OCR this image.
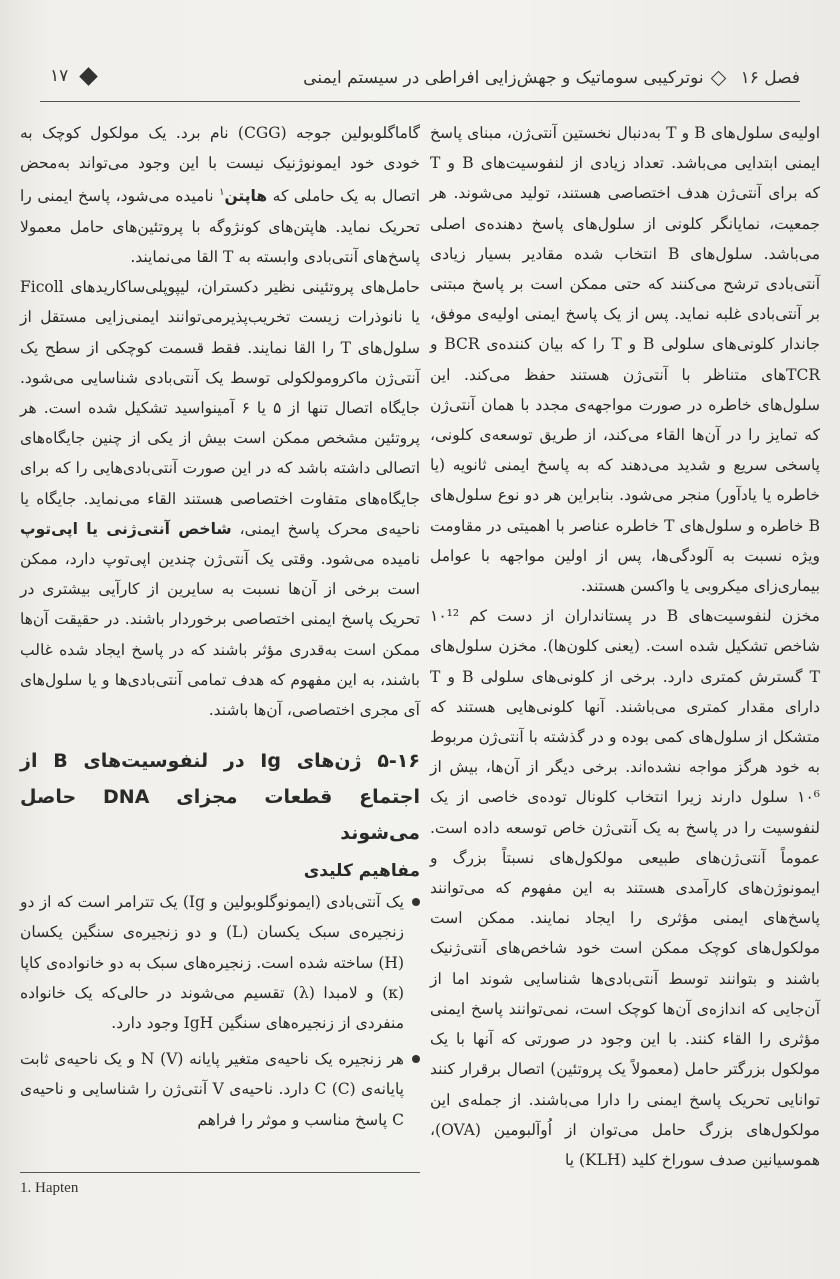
فصل ۱۶
نوترکیبی سوماتیک و جهش‌زایی افراطی در سیستم ایمنی
۱۷

اولیه‌ی سلول‌های B و T به‌دنبال نخستین آنتی‌ژن، مبنای پاسخ ایمنی ابتدایی می‌باشد. تعداد زیادی از لنفوسیت‌های B و T که برای آنتی‌ژن هدف اختصاصی هستند، تولید می‌شوند. هر جمعیت، نمایانگر کلونی از سلول‌های پاسخ دهنده‌ی اصلی می‌باشد. سلول‌های B انتخاب شده مقادیر بسیار زیادی آنتی‌بادی ترشح می‌کنند که حتی ممکن است بر پاسخ مبتنی بر آنتی‌بادی غلبه نماید. پس از یک پاسخ ایمنی اولیه‌ی موفق، جاندار کلونی‌های سلولی B و T را که بیان کننده‌ی BCR و TCRهای متناظر با آنتی‌ژن هستند حفظ می‌کند. این سلول‌های خاطره در صورت مواجهه‌ی مجدد با همان آنتی‌ژن که تمایز را در آن‌ها القاء می‌کند، از طریق توسعه‌ی کلونی، پاسخی سریع و شدید می‌دهند که به پاسخ ایمنی ثانویه (یا خاطره یا یادآور) منجر می‌شود. بنابراین هر دو نوع سلول‌های B خاطره و سلول‌های T خاطره عناصر با اهمیتی در مقاومت ویژه نسبت به آلودگی‌ها، پس از اولین مواجهه با عوامل بیماری‌زای میکروبی یا واکسن هستند.

مخزن لنفوسیت‌های B در پستانداران از دست کم ۱۰¹² شاخص تشکیل شده است. (یعنی کلون‌ها). مخزن سلول‌های T گسترش کمتری دارد. برخی از کلونی‌های سلولی B و T دارای مقدار کمتری می‌باشند. آنها کلونی‌هایی هستند که متشکل از سلول‌های کمی بوده و در گذشته با آنتی‌ژن مربوط به خود هرگز مواجه نشده‌اند. برخی دیگر از آن‌ها، بیش از ۱۰⁶ سلول دارند زیرا انتخاب کلونال توده‌ی خاصی از یک لنفوسیت را در پاسخ به یک آنتی‌ژن خاص توسعه داده است. عموماً آنتی‌ژن‌های طبیعی مولکول‌های نسبتاً بزرگ و ایمونوژن‌های کارآمدی هستند به این مفهوم که می‌توانند پاسخ‌های ایمنی مؤثری را ایجاد نمایند. ممکن است مولکول‌های کوچک ممکن است خود شاخص‌های آنتی‌ژنیک باشند و بتوانند توسط آنتی‌بادی‌ها شناسایی شوند اما از آن‌جایی که اندازه‌ی آن‌ها کوچک است، نمی‌توانند پاسخ ایمنی مؤثری را القاء کنند. با این وجود در صورتی که آنها با یک مولکول بزرگتر حامل (معمولاً یک پروتئین) اتصال برقرار کنند توانایی تحریک پاسخ ایمنی را دارا می‌باشند. از جمله‌ی این مولکول‌های بزرگ حامل می‌توان از اُوآلبومین (OVA)، هموسیانین صدف سوراخ کلید (KLH) یا

گاماگلوبولین جوجه (CGG) نام برد. یک مولکول کوچک به خودی خود ایمونوژنیک نیست با این وجود می‌تواند به‌محض اتصال به یک حاملی که هاپتن$^۱$ نامیده می‌شود، پاسخ ایمنی را تحریک نماید. هاپتن‌های کونژوگه با پروتئین‌های حامل معمولا پاسخ‌های آنتی‌بادی وابسته به T القا می‌نمایند.

حامل‌های پروتئینی نظیر دکستران، لیپوپلی‌ساکاریدهای Ficoll یا نانوذرات زیست تخریب‌پذیرمی‌توانند ایمنی‌زایی مستقل از سلول‌های T را القا نمایند. فقط قسمت کوچکی از سطح یک آنتی‌ژن ماکرومولکولی توسط یک آنتی‌بادی شناسایی می‌شود. جایگاه اتصال تنها از ۵ یا ۶ آمینواسید تشکیل شده است. هر پروتئین مشخص ممکن است بیش از یکی از چنین جایگاه‌های اتصالی داشته باشد که در این صورت آنتی‌بادی‌هایی را که برای جایگاه‌های متفاوت اختصاصی هستند القاء می‌نماید. جایگاه یا ناحیه‌ی محرک پاسخ ایمنی، شاخص آنتی‌ژنی یا اپی‌توپ نامیده می‌شود. وقتی یک آنتی‌ژن چندین اپی‌توپ دارد، ممکن است برخی از آن‌ها نسبت به سایرین از کارآیی بیشتری در تحریک پاسخ ایمنی اختصاصی برخوردار باشند. در حقیقت آن‌ها ممکن است به‌قدری مؤثر باشند که در پاسخ ایجاد شده غالب باشند، به این مفهوم که هدف تمامی آنتی‌بادی‌ها و یا سلول‌های آی مجری اختصاصی، آن‌ها باشند.

۵-۱۶ ژن‌های Ig در لنفوسیت‌های B از اجتماع قطعات مجزای DNA حاصل می‌شوند
مفاهیم کلیدی
یک آنتی‌بادی (ایمونوگلوبولین و Ig) یک تترامر است که از دو زنجیره‌ی سبک یکسان (L) و دو زنجیره‌ی سنگین یکسان (H) ساخته شده است. زنجیره‌های سبک به دو خانواده‌ی کاپا (κ) و لامبدا (λ) تقسیم می‌شوند در حالی‌که یک خانواده منفردی از زنجیره‌های سنگین IgH وجود دارد.
هر زنجیره یک ناحیه‌ی متغیر پایانه N (V) و یک ناحیه‌ی ثابت پایانه‌ی C (C) دارد. ناحیه‌ی V آنتی‌ژن را شناسایی و ناحیه‌ی C پاسخ مناسب و موثر را فراهم
1. Hapten
